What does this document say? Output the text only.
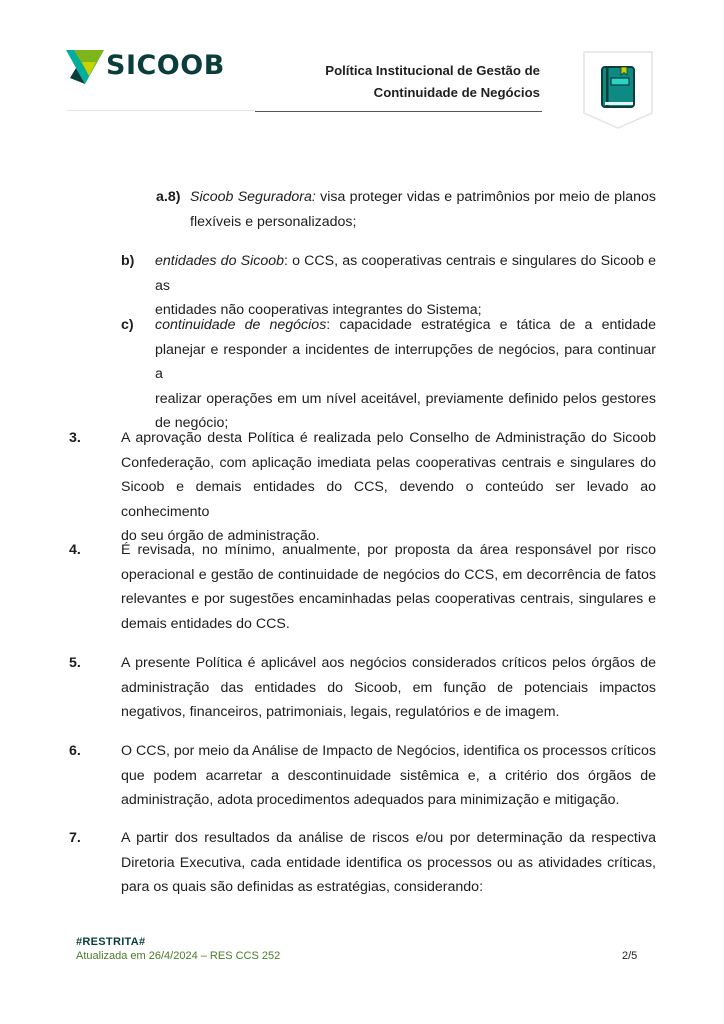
SICOOB	Política Institucional de Gestão de
Continuidade de Negócios
a.8) Sicoob Seguradora: visa proteger vidas e patrimônios por meio de planos
flexíveis e personalizados;
b) entidades do Sicoob: o CCS, as cooperativas centrais e singulares do Sicoob e as
entidades não cooperativas integrantes do Sistema;
c) continuidade de negócios: capacidade estratégica e tática de a entidade
planejar e responder a incidentes de interrupções de negócios, para continuar a
realizar operações em um nível aceitável, previamente definido pelos gestores
de negócio;
3.	A aprovação desta Política é realizada pelo Conselho de Administração do Sicoob
Confederação, com aplicação imediata pelas cooperativas centrais e singulares do
Sicoob e demais entidades do CCS, devendo o conteúdo ser levado ao conhecimento
do seu órgão de administração.
4.	É revisada, no mínimo, anualmente, por proposta da área responsável por risco
operacional e gestão de continuidade de negócios do CCS, em decorrência de fatos
relevantes e por sugestões encaminhadas pelas cooperativas centrais, singulares e
demais entidades do CCS.
5.	A presente Política é aplicável aos negócios considerados críticos pelos órgãos de
administração das entidades do Sicoob, em função de potenciais impactos
negativos, financeiros, patrimoniais, legais, regulatórios e de imagem.
6.	O CCS, por meio da Análise de Impacto de Negócios, identifica os processos críticos
que podem acarretar a descontinuidade sistêmica e, a critério dos órgãos de
administração, adota procedimentos adequados para minimização e mitigação.
7.	A partir dos resultados da análise de riscos e/ou por determinação da respectiva
Diretoria Executiva, cada entidade identifica os processos ou as atividades críticas,
para os quais são definidas as estratégias, considerando:
#RESTRITA#
Atualizada em 26/4/2024 – RES CCS 252	2/5
